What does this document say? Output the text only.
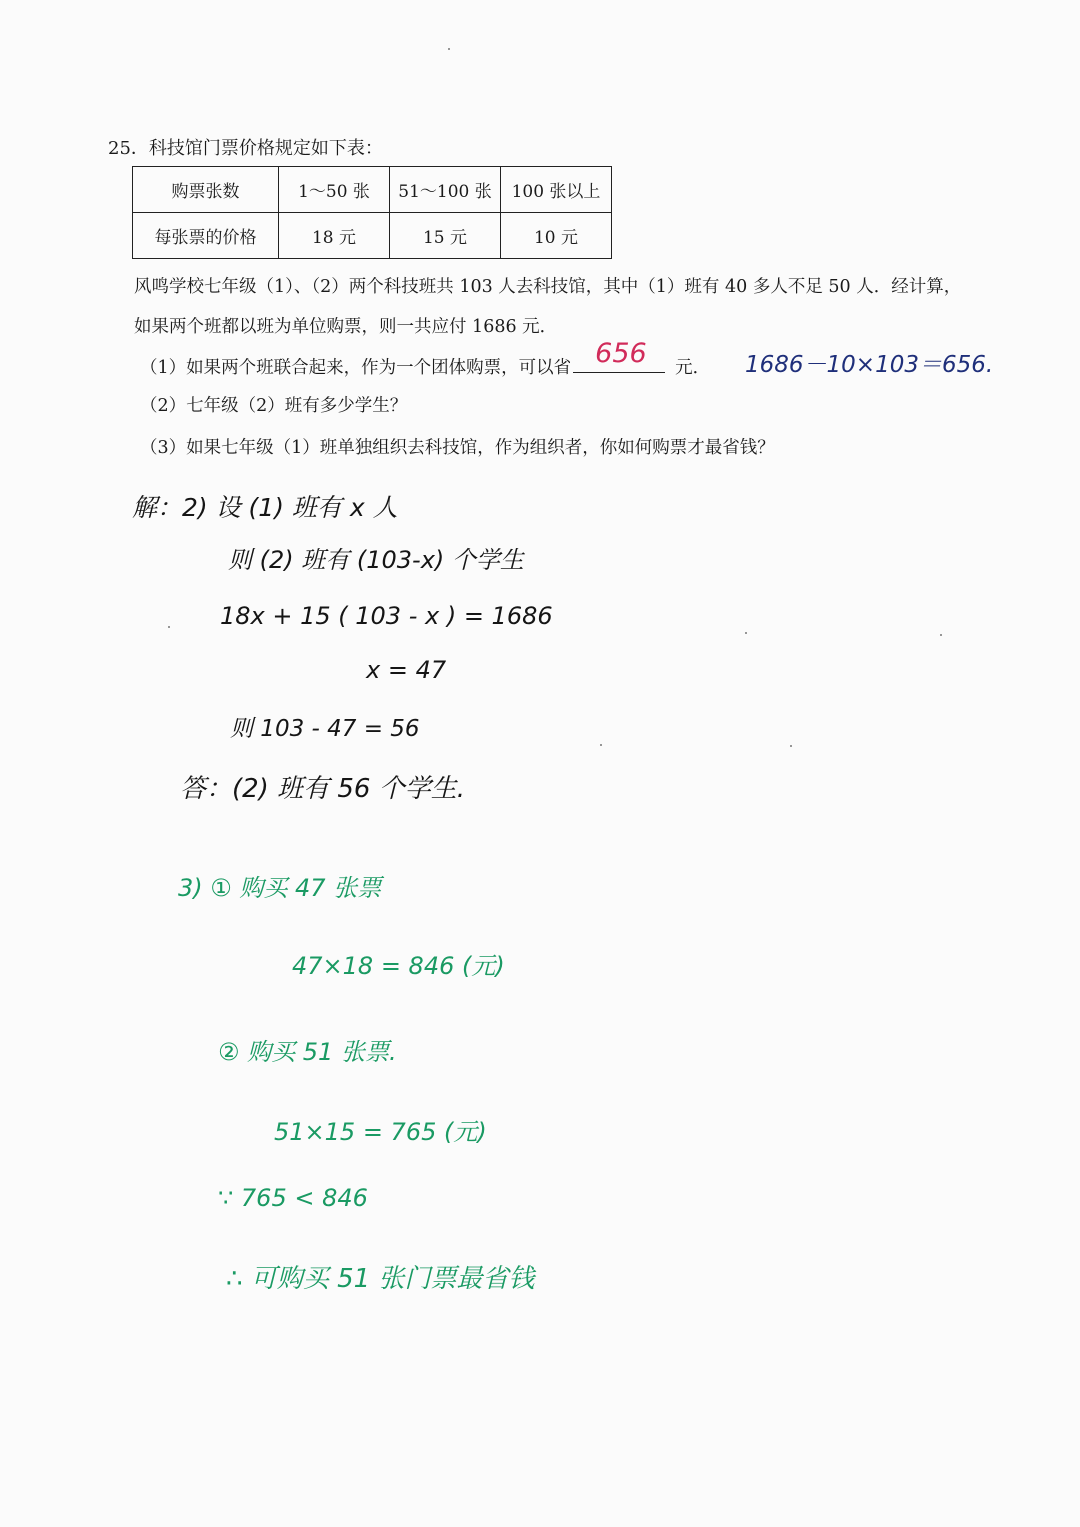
25．科技馆门票价格规定如下表：
购票张数	1～50 张	51～100 张	100 张以上
每张票的价格	18 元	15 元	10 元
风鸣学校七年级（1）、（2）两个科技班共 103 人去科技馆，其中（1）班有 40 多人不足 50 人．经计算，
如果两个班都以班为单位购票，则一共应付 1686 元．
（1）如果两个班联合起来，作为一个团体购票，可以省 656 元． 1686－10×103＝656.
（2）七年级（2）班有多少学生？
（3）如果七年级（1）班单独组织去科技馆，作为组织者，你如何购票才最省钱？
解：2) 设 (1) 班有 x 人
则 (2) 班有 (103-x) 个学生
18x + 15 ( 103 - x ) = 1686
x = 47
则 103 - 47 = 56
答：(2) 班有 56 个学生.
3) ① 购买 47 张票
47×18 = 846 (元)
② 购买 51 张票.
51×15 = 765 (元)
∵ 765 < 846
∴ 可购买 51 张门票最省钱
